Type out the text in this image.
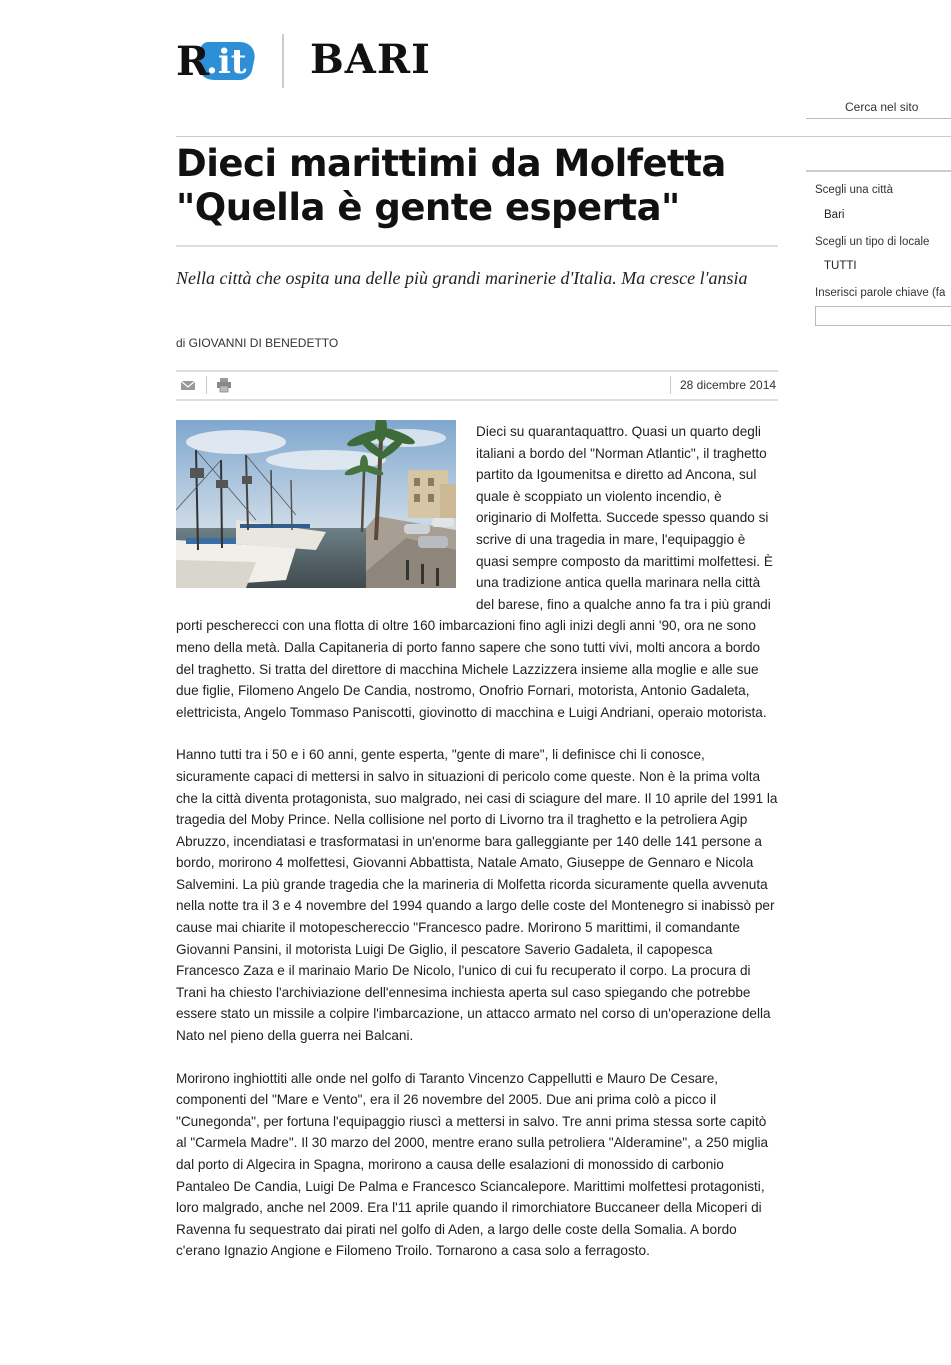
R
.it BARI
Cerca nel sito
Dieci marittimi da Molfetta
"Quella è gente esperta"

Nella città che ospita una delle più grandi marinerie d'Italia. Ma cresce l'ansia

di GIOVANNI DI BENEDETTO
28 dicembre 2014

Dieci su quarantaquattro. Quasi un quarto degli italiani a bordo del "Norman Atlantic", il traghetto partito da Igoumenitsa e diretto ad Ancona, sul quale è scoppiato un violento incendio, è originario di Molfetta. Succede spesso quando si scrive di una tragedia in mare, l'equipaggio è quasi sempre composto da marittimi molfettesi. È una tradizione antica quella marinara nella città del barese, fino a qualche anno fa tra i più grandi porti pescherecci con una flotta di oltre 160 imbarcazioni fino agli inizi degli anni '90, ora ne sono meno della metà. Dalla Capitaneria di porto fanno sapere che sono tutti vivi, molti ancora a bordo del traghetto. Si tratta del direttore di macchina Michele Lazzizzera insieme alla moglie e alle sue due figlie, Filomeno Angelo De Candia, nostromo, Onofrio Fornari, motorista, Antonio Gadaleta, elettricista, Angelo Tommaso Paniscotti, giovinotto di macchina e Luigi Andriani, operaio motorista.

Hanno tutti tra i 50 e i 60 anni, gente esperta, "gente di mare", li definisce chi li conosce, sicuramente capaci di mettersi in salvo in situazioni di pericolo come queste. Non è la prima volta che la città diventa protagonista, suo malgrado, nei casi di sciagure del mare. Il 10 aprile del 1991 la tragedia del Moby Prince. Nella collisione nel porto di Livorno tra il traghetto e la petroliera Agip Abruzzo, incendiatasi e trasformatasi in un'enorme bara galleggiante per 140 delle 141 persone a bordo, morirono 4 molfettesi, Giovanni Abbattista, Natale Amato, Giuseppe de Gennaro e Nicola Salvemini. La più grande tragedia che la marineria di Molfetta ricorda sicuramente quella avvenuta nella notte tra il 3 e 4 novembre del 1994 quando a largo delle coste del Montenegro si inabissò per cause mai chiarite il motopeschereccio "Francesco padre. Morirono 5 marittimi, il comandante Giovanni Pansini, il motorista Luigi De Giglio, il pescatore Saverio Gadaleta, il capopesca Francesco Zaza e il marinaio Mario De Nicolo, l'unico di cui fu recuperato il corpo. La procura di Trani ha chiesto l'archiviazione dell'ennesima inchiesta aperta sul caso spiegando che potrebbe essere stato un missile a colpire l'imbarcazione, un attacco armato nel corso di un'operazione della Nato nel pieno della guerra nei Balcani.

Morirono inghiottiti alle onde nel golfo di Taranto Vincenzo Cappellutti e Mauro De Cesare, componenti del "Mare e Vento", era il 26 novembre del 2005. Due ani prima colò a picco il "Cunegonda", per fortuna l'equipaggio riuscì a mettersi in salvo. Tre anni prima stessa sorte capitò al "Carmela Madre". Il 30 marzo del 2000, mentre erano sulla petroliera "Alderamine", a 250 miglia dal porto di Algecira in Spagna, morirono a causa delle esalazioni di monossido di carbonio Pantaleo De Candia, Luigi De Palma e Francesco Sciancalepore. Marittimi molfettesi protagonisti, loro malgrado, anche nel 2009. Era l'11 aprile quando il rimorchiatore Buccaneer della Micoperi di Ravenna fu sequestrato dai pirati nel golfo di Aden, a largo delle coste della Somalia. A bordo c'erano Ignazio Angione e Filomeno Troilo. Tornarono a casa solo a ferragosto.

Scegli una città
Bari
Scegli un tipo di locale
TUTTI
Inserisci parole chiave (fa
